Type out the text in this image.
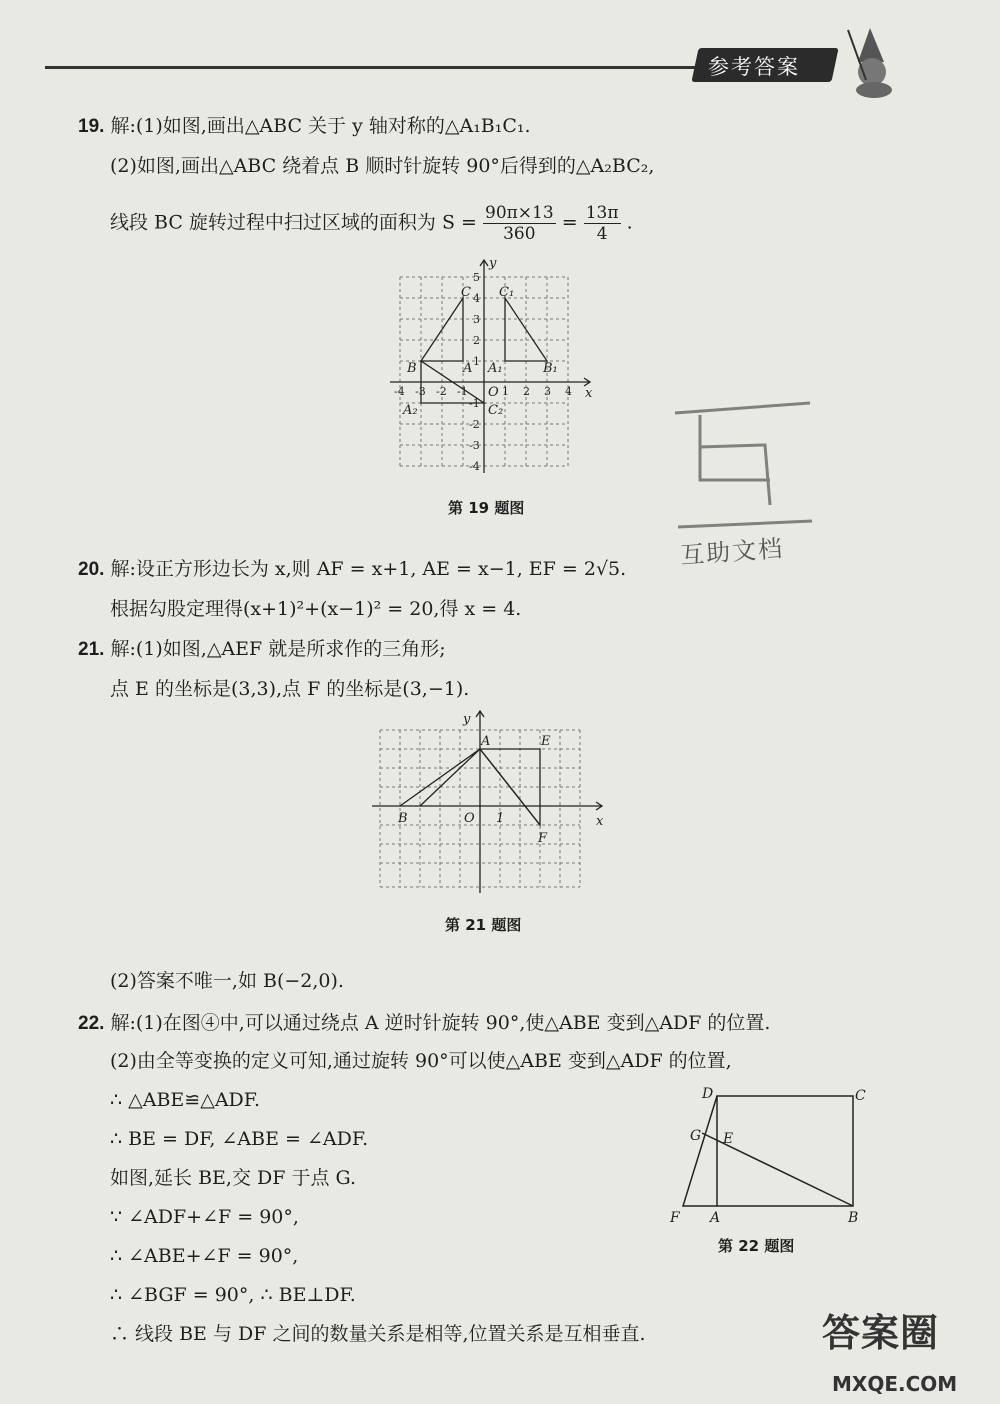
参考答案
19. 解:(1)如图,画出△ABC 关于 y 轴对称的△A₁B₁C₁.
(2)如图,画出△ABC 绕着点 B 顺时针旋转 90°后得到的△A₂BC₂,
线段 BC 旋转过程中扫过区域的面积为 $S = \frac{90\pi\times 13}{360} = \frac{13\pi}{4}$ .
y
x
O
C C₁
B	A A₁	B₁
A₂	C₂
-4 -3 -2 -1	1 2 3 4
5
4
3
2
1
-1
-2
-3
-4
第 19 题图
互助文档
20. 解:设正方形边长为 x,则 AF = x+1, AE = x−1, EF = 2√5.
根据勾股定理得(x+1)²+(x−1)² = 20,得 x = 4.
21. 解:(1)如图,△AEF 就是所求作的三角形;
点 E 的坐标是(3,3),点 F 的坐标是(3,−1).
y
x
A	E
B	O 1
F
第 21 题图
(2)答案不唯一,如 B(−2,0).
22. 解:(1)在图④中,可以通过绕点 A 逆时针旋转 90°,使△ABE 变到△ADF 的位置.
(2)由全等变换的定义可知,通过旋转 90°可以使△ABE 变到△ADF 的位置,
∴ △ABE≌△ADF.
∴ BE = DF, ∠ABE = ∠ADF.
如图,延长 BE,交 DF 于点 G.
∵ ∠ADF+∠F = 90°,
∴ ∠ABE+∠F = 90°,
∴ ∠BGF = 90°, ∴ BE⊥DF.
∴ 线段 BE 与 DF 之间的数量关系是相等,位置关系是互相垂直.
D	C
G E
F A	B
第 22 题图
答案圈
MXQE.COM
